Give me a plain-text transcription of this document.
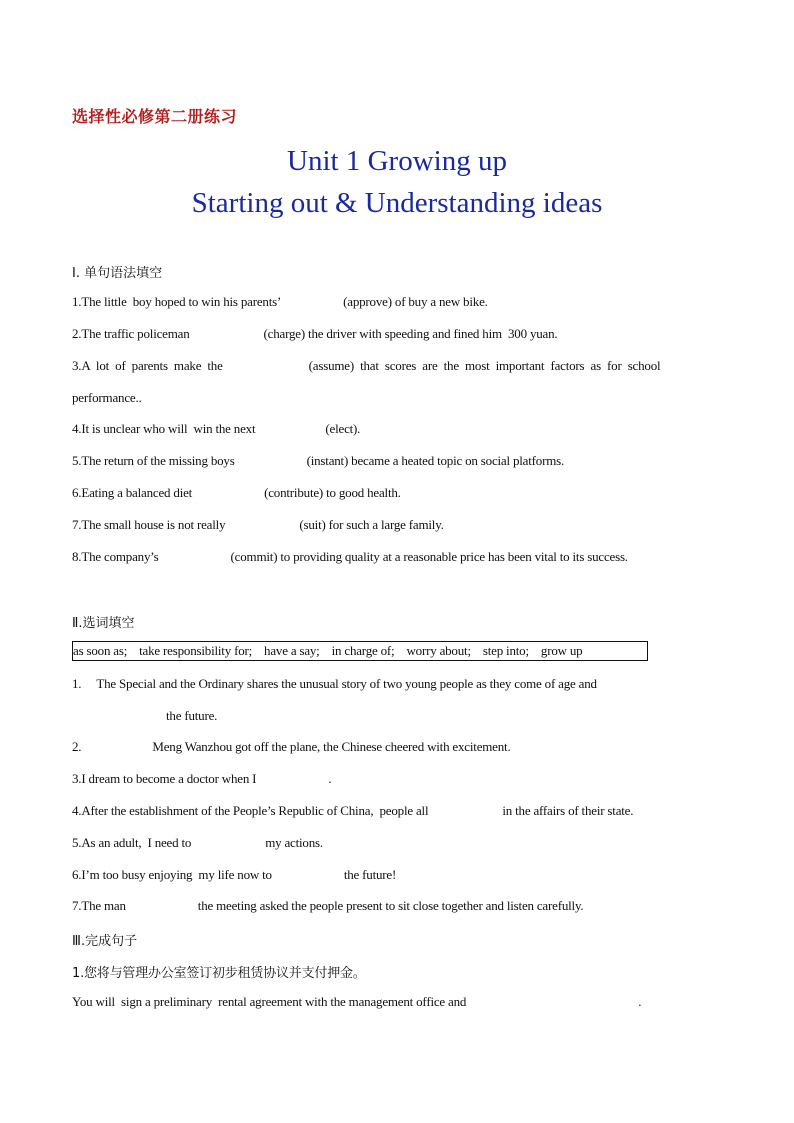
选择性必修第二册练习
Unit 1 Growing up
Starting out & Understanding ideas
Ⅰ. 单句语法填空
1.The little  boy hoped to win his parents’	(approve) of buy a new bike.
2.The traffic policeman	(charge) the driver with speeding and fined him  300 yuan.
3.A  lot  of  parents  make  the	(assume)  that  scores  are  the  most  important  factors  as  for  school
performance..
4.It is unclear who will  win the next	(elect).
5.The return of the missing boys	(instant) became a heated topic on social platforms.
6.Eating a balanced diet	(contribute) to good health.
7.The small house is not really	(suit) for such a large family.
8.The company’s	(commit) to providing quality at a reasonable price has been vital to its success.
Ⅱ.选词填空
as soon as; take responsibility for; have a say; in charge of; worry about; step into; grow up
1.     The Special and the Ordinary shares the unusual story of two young people as they come of age and
the future.
2.	Meng Wanzhou got off the plane, the Chinese cheered with excitement.
3.I dream to become a doctor when I	.
4.After the establishment of the People’s Republic of China,  people all	in the affairs of their state.
5.As an adult,  I need to	my actions.
6.I’m too busy enjoying  my life now to	the future!
7.The man	the meeting asked the people present to sit close together and listen carefully.
Ⅲ.完成句子
1.您将与管理办公室签订初步租赁协议并支付押金。
You will  sign a preliminary  rental agreement with the management office and	.
